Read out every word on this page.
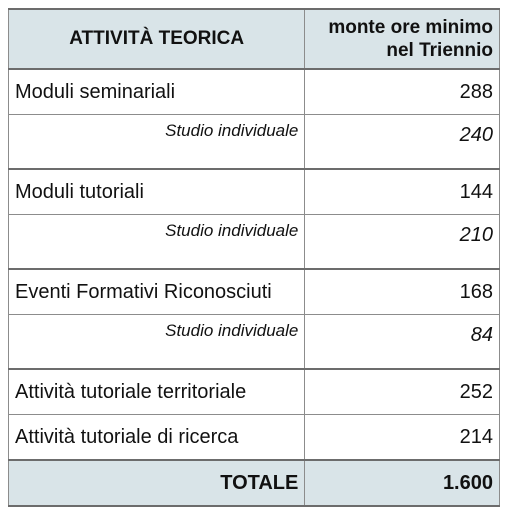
ATTIVITÀ TEORICA	monte ore minimo
nel Triennio
Moduli seminariali	288
Studio individuale	240
Moduli tutoriali	144
Studio individuale	210
Eventi Formativi Riconosciuti	168
Studio individuale	84
Attività tutoriale territoriale	252
Attività tutoriale di ricerca	214
TOTALE	1.600
